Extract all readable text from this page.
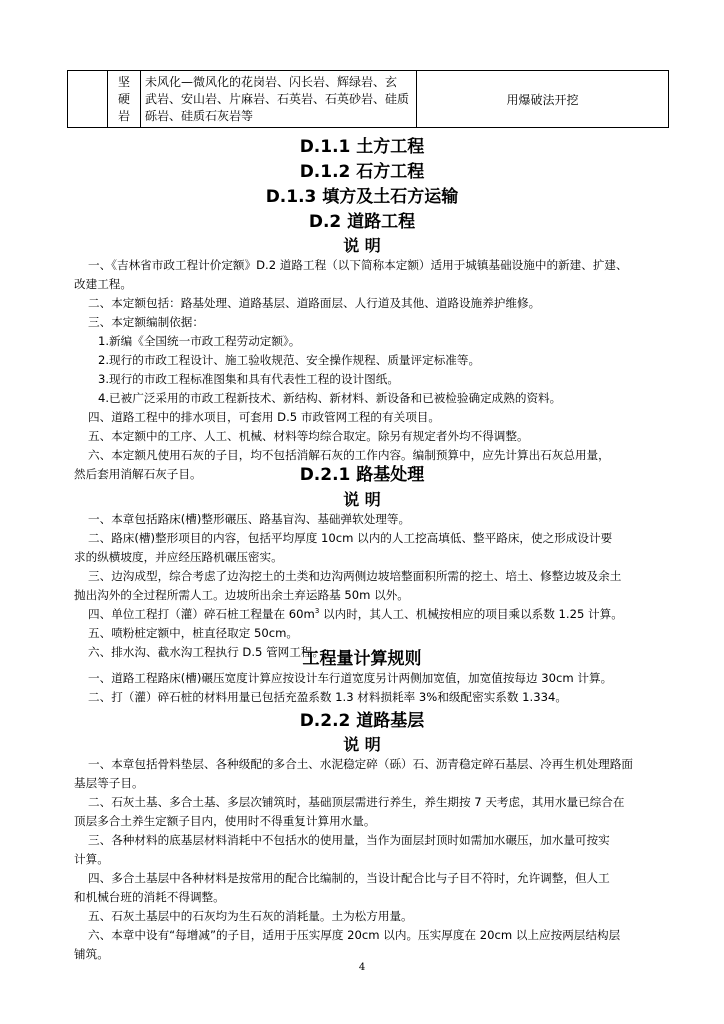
坚
硬
岩

未风化—微风化的花岗岩、闪长岩、辉绿岩、玄
武岩、安山岩、片麻岩、石英岩、石英砂岩、硅质
砾岩、硅质石灰岩等
	用爆破法开挖
D.1.1 土方工程
D.1.2 石方工程
D.1.3 填方及土石方运输
D.2 道路工程
说 明
一、《吉林省市政工程计价定额》D.2 道路工程（以下简称本定额）适用于城镇基础设施中的新建、扩建、
改建工程。
二、本定额包括：路基处理、道路基层、道路面层、人行道及其他、道路设施养护维修。
三、本定额编制依据：
1.新编《全国统一市政工程劳动定额》。
2.现行的市政工程设计、施工验收规范、安全操作规程、质量评定标准等。
3.现行的市政工程标准图集和具有代表性工程的设计图纸。
4.已被广泛采用的市政工程新技术、新结构、新材料、新设备和已被检验确定成熟的资料。
四、道路工程中的排水项目，可套用 D.5 市政管网工程的有关项目。
五、本定额中的工序、人工、机械、材料等均综合取定。除另有规定者外均不得调整。
六、本定额凡使用石灰的子目，均不包括消解石灰的工作内容。编制预算中，应先计算出石灰总用量，
然后套用消解石灰子目。	D.2.1 路基处理
说 明
一、本章包括路床(槽)整形碾压、路基盲沟、基础弹软处理等。
二、路床(槽)整形项目的内容，包括平均厚度 10cm 以内的人工挖高填低、整平路床，使之形成设计要
求的纵横坡度，并应经压路机碾压密实。
三、边沟成型，综合考虑了边沟挖土的土类和边沟两侧边坡培整面积所需的挖土、培土、修整边坡及余土
抛出沟外的全过程所需人工。边坡所出余土弃运路基 50m 以外。
四、单位工程打（灌）碎石桩工程量在 $60m^3$ 以内时，其人工、机械按相应的项目乘以系数 1.25 计算。
五、喷粉桩定额中，桩直径取定 50cm。
六、排水沟、截水沟工程执行 D.5 管网工程。
工程量计算规则
一、道路工程路床(槽)碾压宽度计算应按设计车行道宽度另计两侧加宽值，加宽值按每边 30cm 计算。
二、打（灌）碎石桩的材料用量已包括充盈系数 1.3 材料损耗率 3%和级配密实系数 1.334。
D.2.2 道路基层
说 明
一、本章包括骨料垫层、各种级配的多合土、水泥稳定碎（砾）石、沥青稳定碎石基层、冷再生机处理路面
基层等子目。
二、石灰土基、多合土基、多层次铺筑时，基础顶层需进行养生，养生期按 7 天考虑，其用水量已综合在
顶层多合土养生定额子目内，使用时不得重复计算用水量。
三、各种材料的底基层材料消耗中不包括水的使用量，当作为面层封顶时如需加水碾压，加水量可按实
计算。
四、多合土基层中各种材料是按常用的配合比编制的，当设计配合比与子目不符时，允许调整，但人工
和机械台班的消耗不得调整。
五、石灰土基层中的石灰均为生石灰的消耗量。土为松方用量。
六、本章中设有“每增减”的子目，适用于压实厚度 20cm 以内。压实厚度在 20cm 以上应按两层结构层
铺筑。
4
